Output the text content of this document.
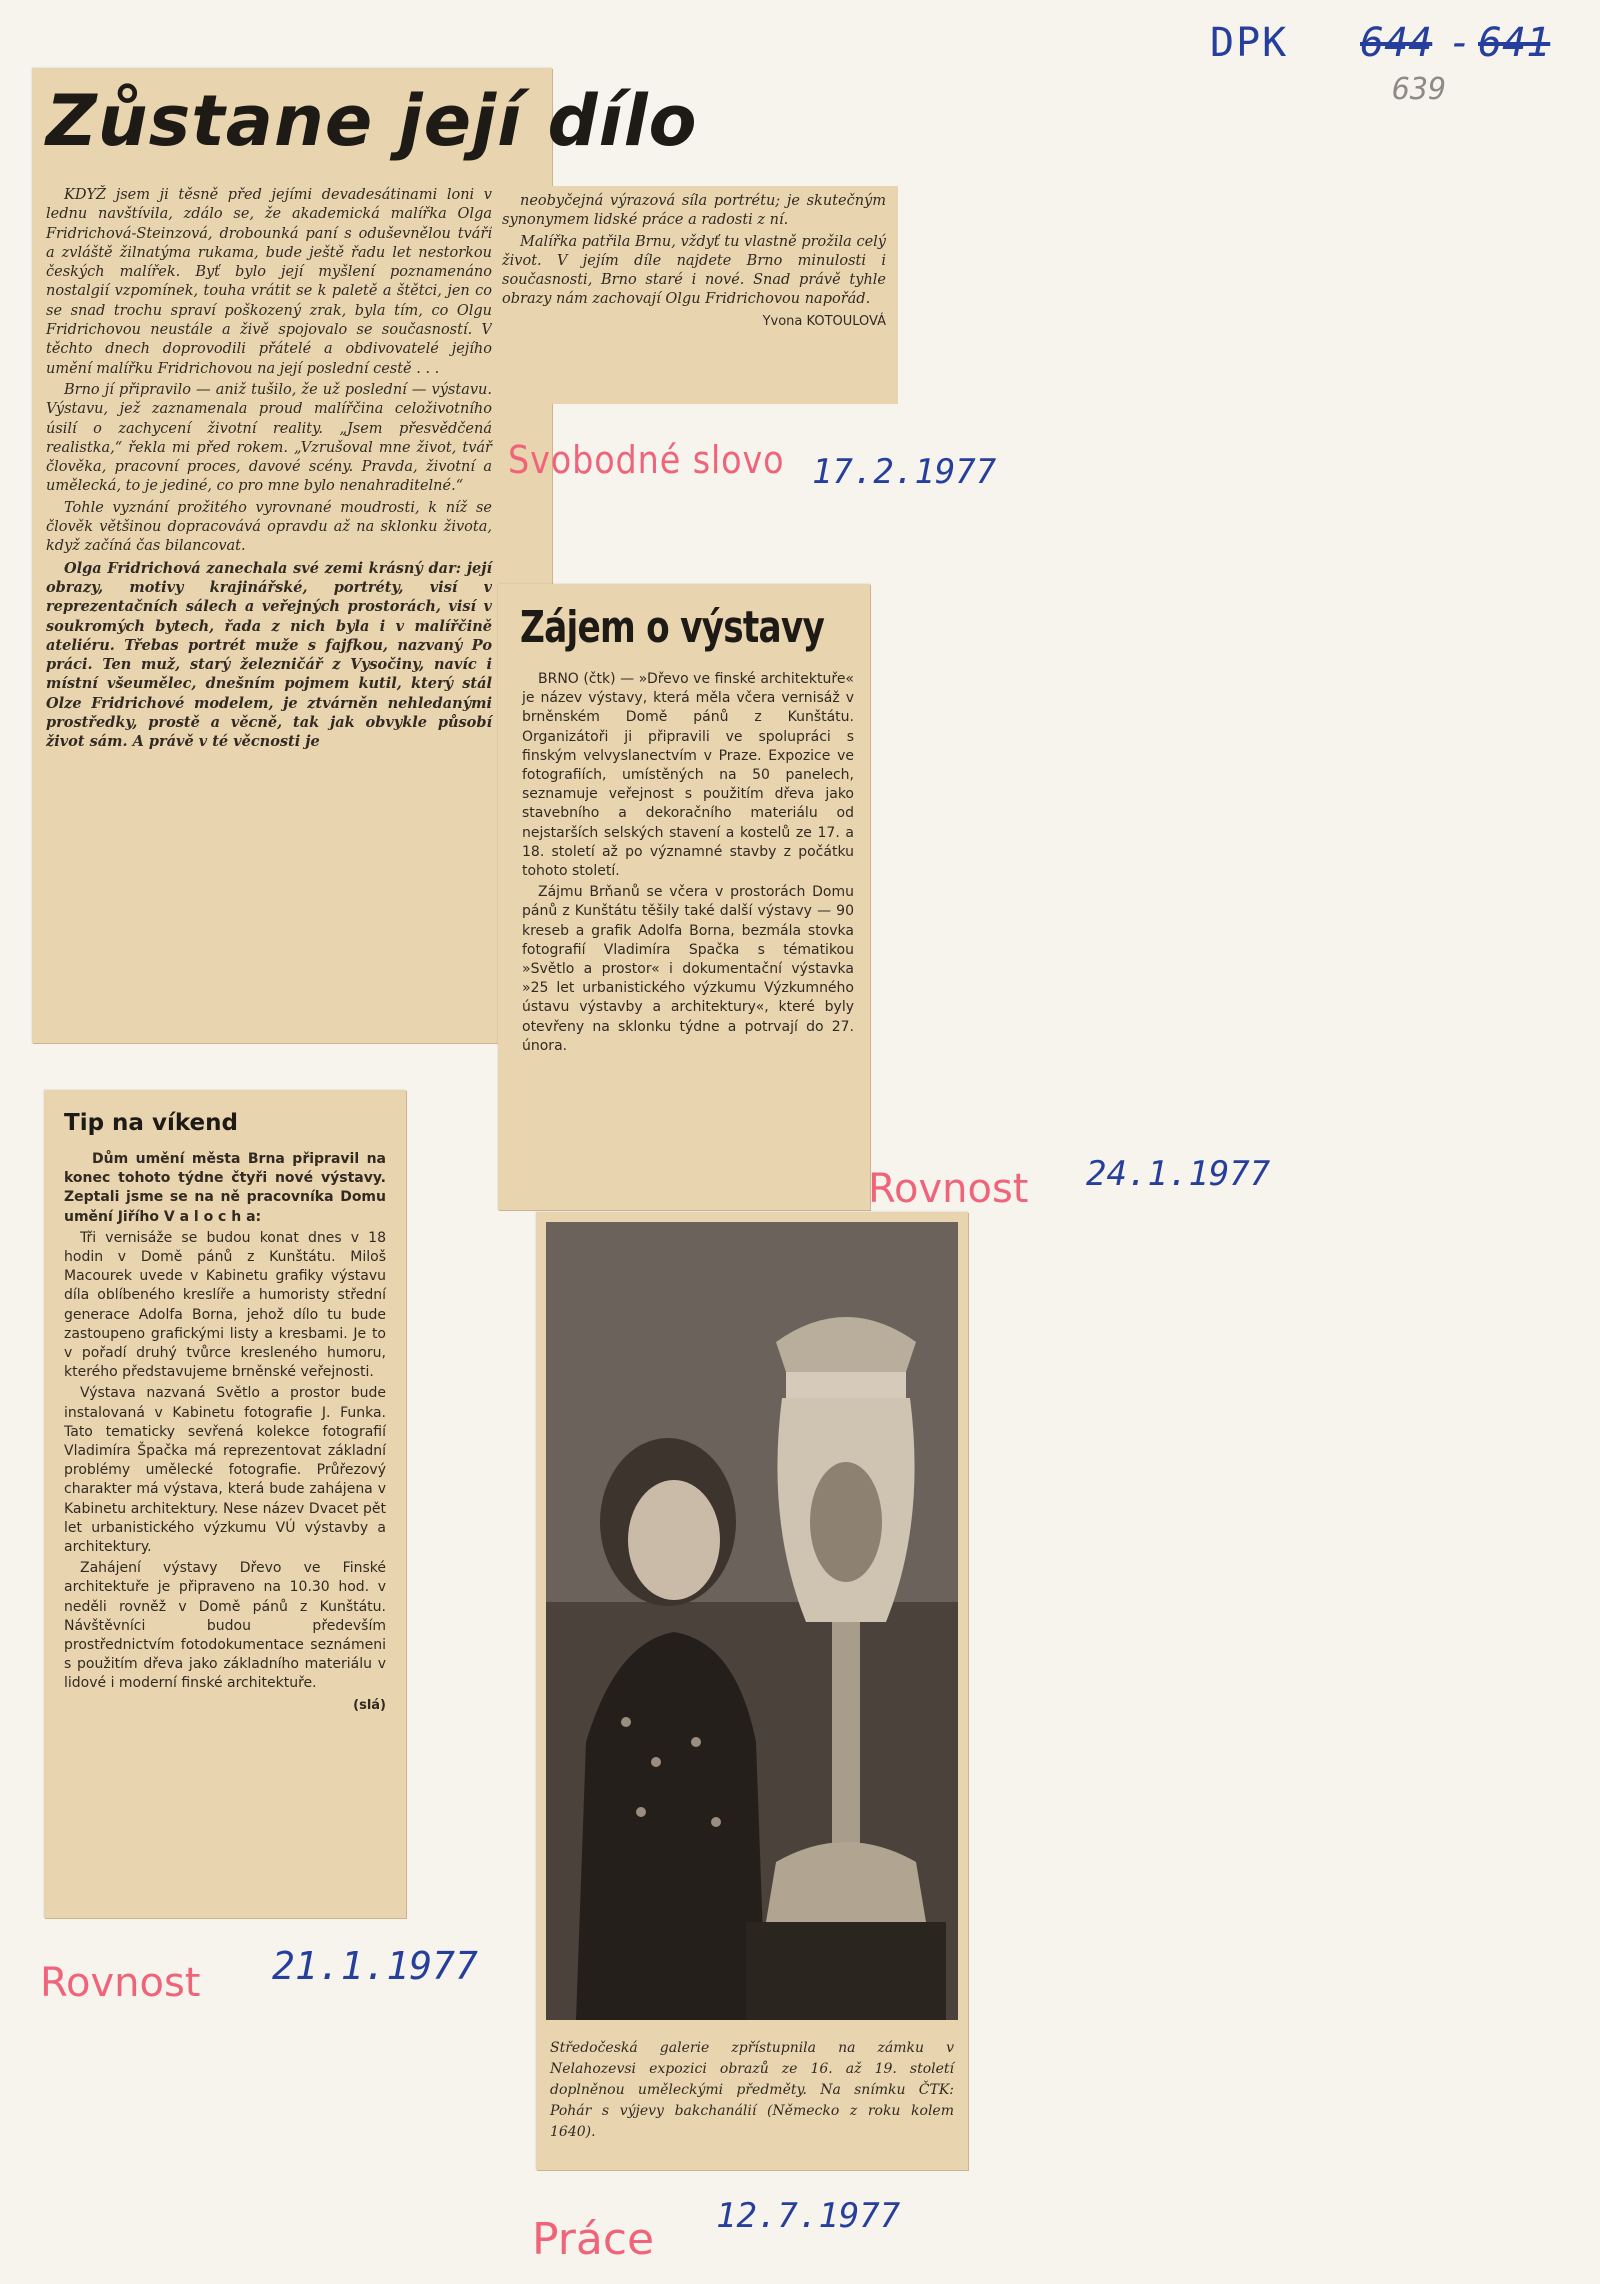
DPK 644 - 641
639
Zůstane její dílo

KDYŽ jsem ji těsně před jejími devadesátinami loni v lednu navštívila, zdálo se, že akademická malířka Olga Fridrichová-Steinzová, drobounká paní s oduševnělou tváří a zvláště žilnatýma rukama, bude ještě řadu let nestorkou českých malířek. Byť bylo její myšlení poznamenáno nostalgií vzpomínek, touha vrátit se k paletě a štětci, jen co se snad trochu spraví poškozený zrak, byla tím, co Olgu Fridrichovou neustále a živě spojovalo se současností. V těchto dnech doprovodili přátelé a obdivovatelé jejího umění malířku Fridrichovou na její poslední cestě . . .

Brno jí připravilo — aniž tušilo, že už poslední — výstavu. Výstavu, jež zaznamenala proud malířčina celoživotního úsilí o zachycení životní reality. „Jsem přesvědčená realistka,“ řekla mi před rokem. „Vzrušoval mne život, tvář člověka, pracovní proces, davové scény. Pravda, životní a umělecká, to je jediné, co pro mne bylo nenahraditelné.“

Tohle vyznání prožitého vyrovnané moudrosti, k níž se člověk většinou dopracovává opravdu až na sklonku života, když začíná čas bilancovat.

Olga Fridrichová zanechala své zemi krásný dar: její obrazy, motivy krajinářské, portréty, visí v reprezentačních sálech a veřejných prostorách, visí v soukromých bytech, řada z nich byla i v malířčině ateliéru. Třebas portrét muže s fajfkou, nazvaný Po práci. Ten muž, starý železničář z Vysočiny, navíc i místní všeumělec, dnešním pojmem kutil, který stál Olze Fridrichové modelem, je ztvárněn nehledanými prostředky, prostě a věcně, tak jak obvykle působí život sám. A právě v té věcnosti je

neobyčejná výrazová síla portrétu; je skutečným synonymem lidské práce a radosti z ní.

Malířka patřila Brnu, vždyť tu vlastně prožila celý život. V jejím díle najdete Brno minulosti i současnosti, Brno staré i nové. Snad právě tyhle obrazy nám zachovají Olgu Fridrichovou napořád.

Yvona KOTOULOVÁ

Svobodné slovo 17.2.1977
Zájem o výstavy

BRNO (čtk) — »Dřevo ve finské architektuře« je název výstavy, která měla včera vernisáž v brněnském Domě pánů z Kunštátu. Organizátoři ji připravili ve spolupráci s finským velvyslanectvím v Praze. Expozice ve fotografiích, umístěných na 50 panelech, seznamuje veřejnost s použitím dřeva jako stavebního a dekoračního materiálu od nejstarších selských stavení a kostelů ze 17. a 18. století až po významné stavby z počátku tohoto století.

Zájmu Brňanů se včera v prostorách Domu pánů z Kunštátu těšily také další výstavy — 90 kreseb a grafik Adolfa Borna, bezmála stovka fotografií Vladimíra Spačka s tématikou »Světlo a prostor« i dokumentační výstavka »25 let urbanistického výzkumu Výzkumného ústavu výstavby a architektury«, které byly otevřeny na sklonku týdne a potrvají do 27. února.

Rovnost 24.1.1977
Tip na víkend

Dům umění města Brna připravil na konec tohoto týdne čtyři nové výstavy. Zeptali jsme se na ně pracovníka Domu umění Jiřího V a l o c h a:

Tři vernisáže se budou konat dnes v 18 hodin v Domě pánů z Kunštátu. Miloš Macourek uvede v Kabinetu grafiky výstavu díla oblíbeného kreslíře a humoristy střední generace Adolfa Borna, jehož dílo tu bude zastoupeno grafickými listy a kresbami. Je to v pořadí druhý tvůrce kresleného humoru, kterého představujeme brněnské veřejnosti.

Výstava nazvaná Světlo a prostor bude instalovaná v Kabinetu fotografie J. Funka. Tato tematicky sevřená kolekce fotografií Vladimíra Špačka má reprezentovat základní problémy umělecké fotografie. Průřezový charakter má výstava, která bude zahájena v Kabinetu architektury. Nese název Dvacet pět let urbanistického výzkumu VÚ výstavby a architektury.

Zahájení výstavy Dřevo ve Finské architektuře je připraveno na 10.30 hod. v neděli rovněž v Domě pánů z Kunštátu. Návštěvníci budou především prostřednictvím fotodokumentace seznámeni s použitím dřeva jako základního materiálu v lidové i moderní finské architektuře.

(slá)

Rovnost 21.1.1977

Středočeská galerie zpřístupnila na zámku v Nelahozevsi expozici obrazů ze 16. až 19. století doplněnou uměleckými předměty. Na snímku ČTK: Pohár s výjevy bakchanálií (Německo z roku kolem 1640).

Práce 12.7.1977
